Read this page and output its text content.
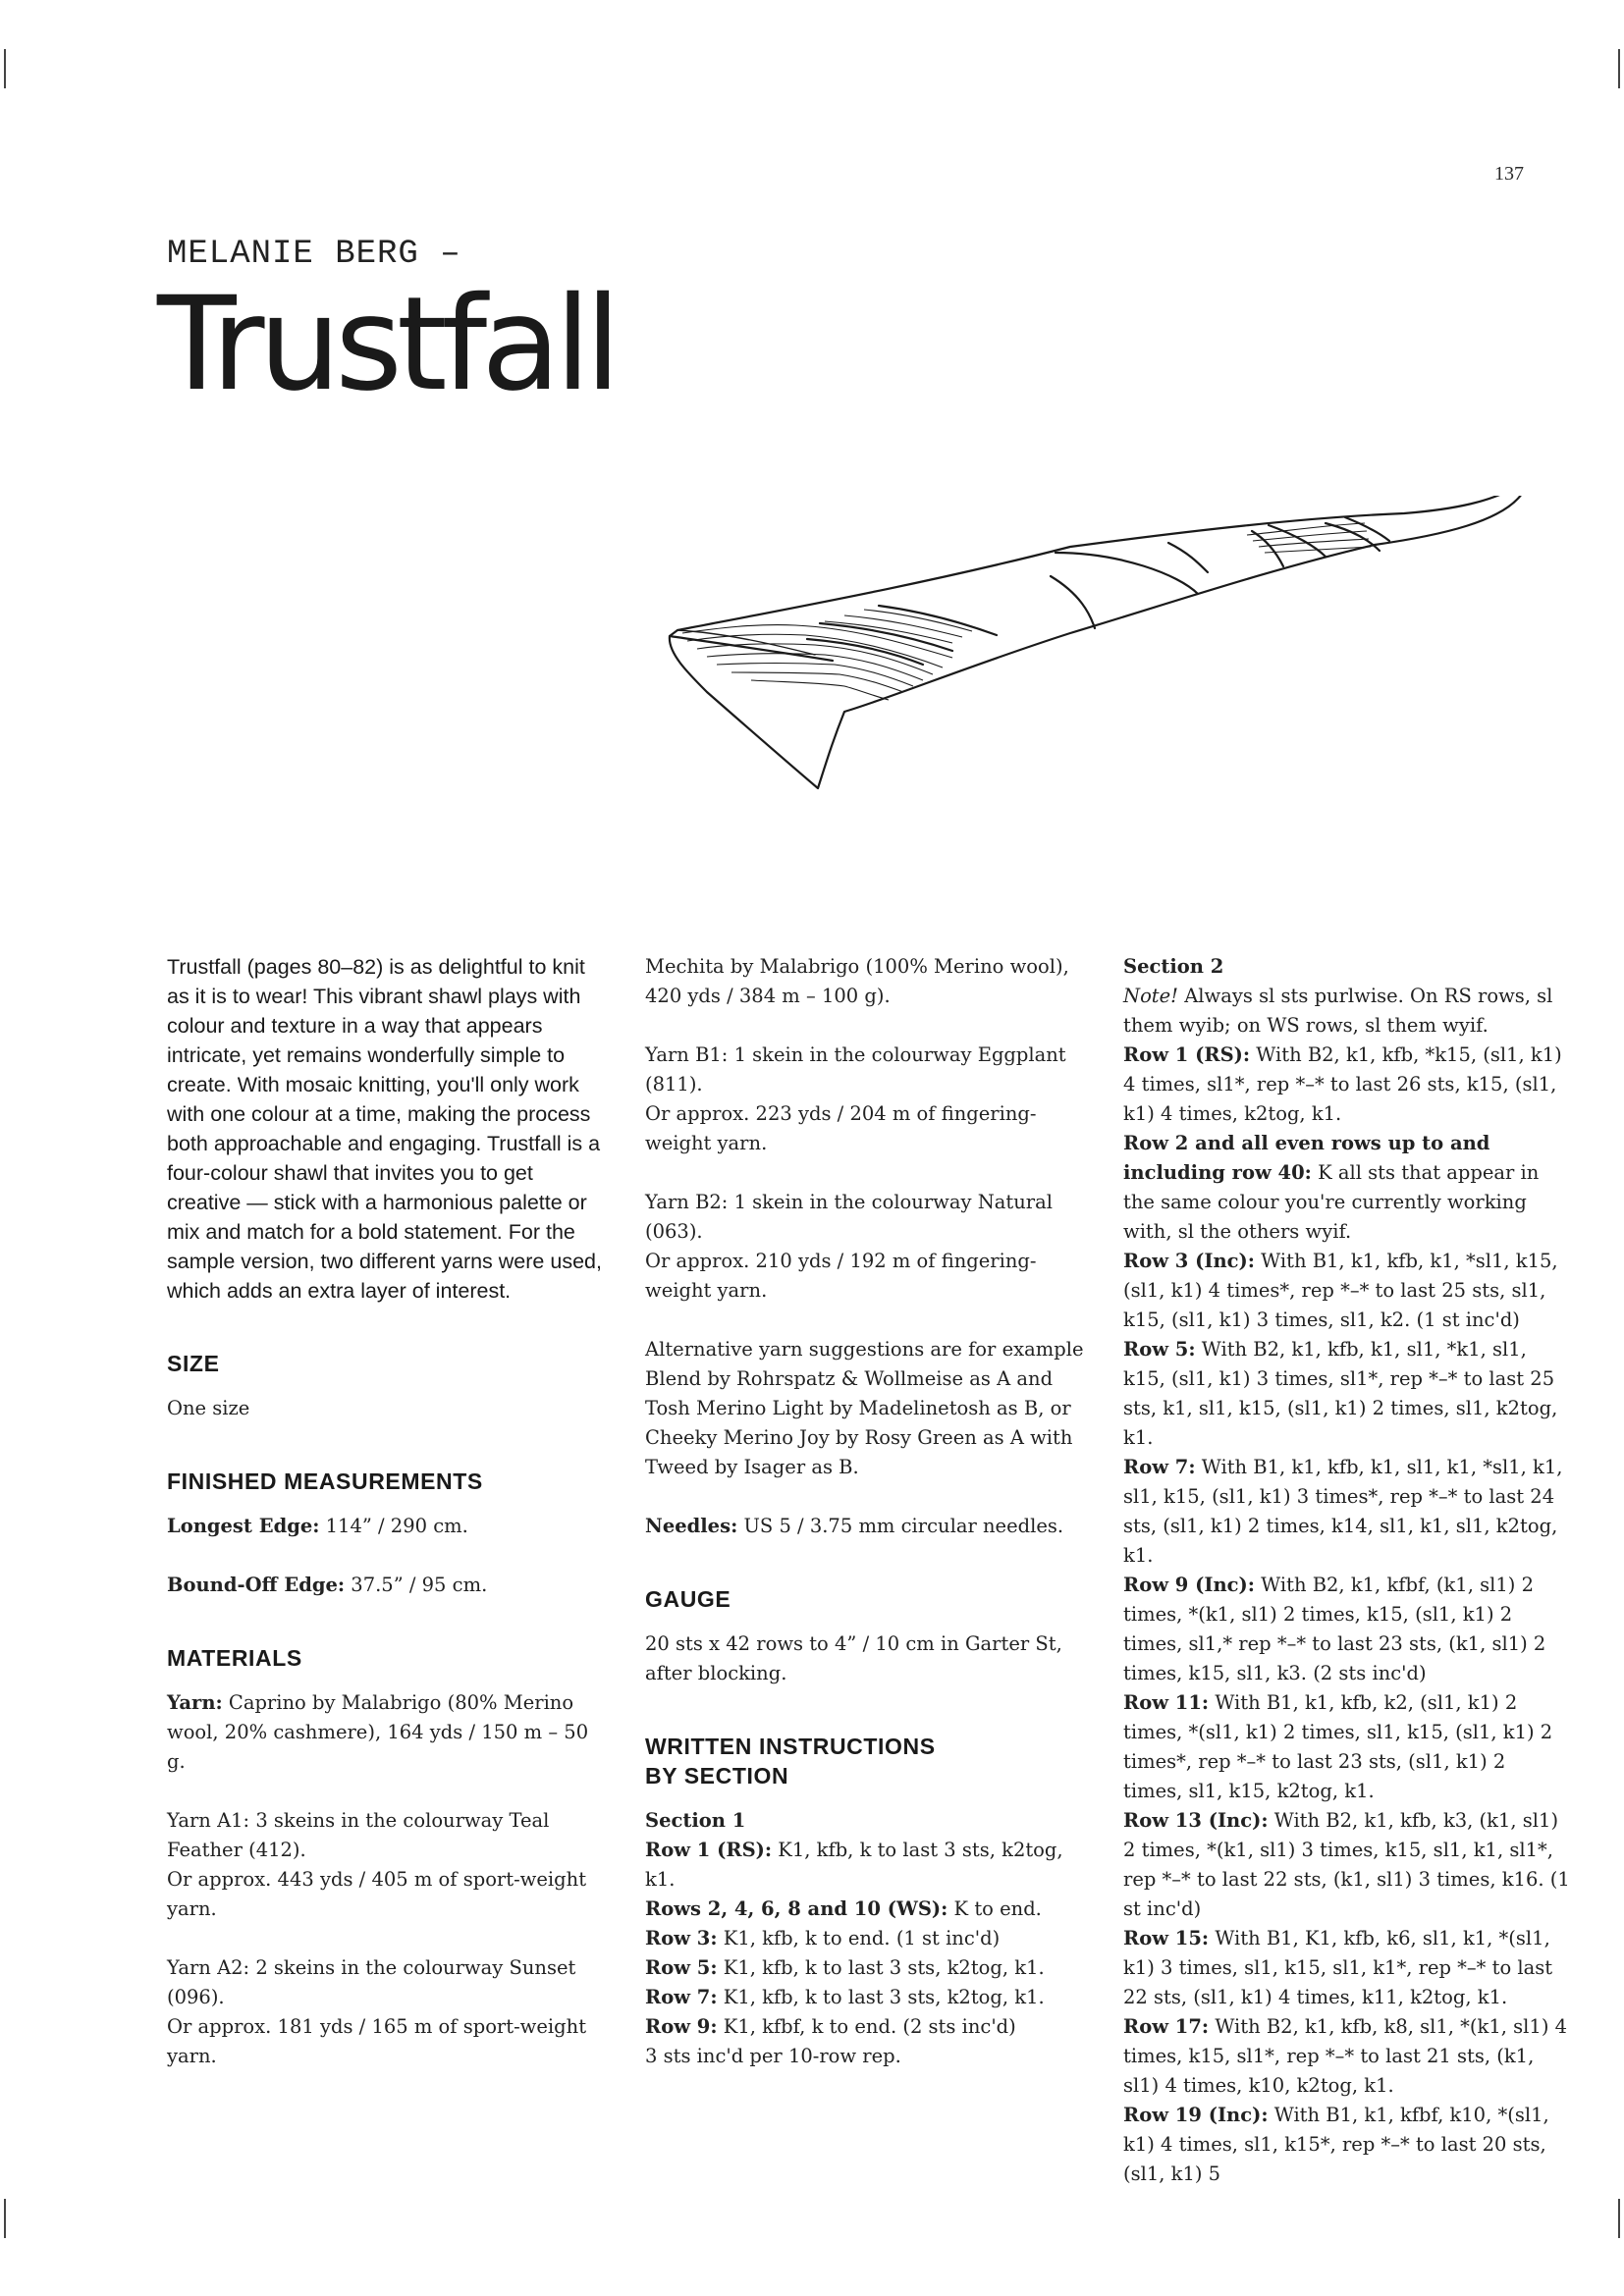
137
MELANIE BERG –
Trustfall

Trustfall (pages 80–82) is as delightful to knit as it is to wear! This vibrant shawl plays with colour and texture in a way that appears intricate, yet remains wonderfully simple to create. With mosaic knitting, you'll only work with one colour at a time, making the process both approachable and engaging. Trustfall is a four-colour shawl that invites you to get creative — stick with a harmonious palette or mix and match for a bold statement. For the sample version, two different yarns were used, which adds an extra layer of interest.

SIZE

One size

FINISHED MEASUREMENTS

Longest Edge: 114” / 290 cm.

Bound-Off Edge: 37.5” / 95 cm.

MATERIALS

Yarn: Caprino by Malabrigo (80% Merino wool, 20% cashmere), 164 yds / 150 m – 50 g.

Yarn A1: 3 skeins in the colourway Teal Feather (412).

Or approx. 443 yds / 405 m of sport-weight yarn.

Yarn A2: 2 skeins in the colourway Sunset (096).

Or approx. 181 yds / 165 m of sport-weight yarn.

Mechita by Malabrigo (100% Merino wool), 420 yds / 384 m – 100 g).

Yarn B1: 1 skein in the colourway Eggplant (811).

Or approx. 223 yds / 204 m of fingering-weight yarn.

Yarn B2: 1 skein in the colourway Natural (063).

Or approx. 210 yds / 192 m of fingering-weight yarn.

Alternative yarn suggestions are for example Blend by Rohrspatz & Wollmeise as A and Tosh Merino Light by Madelinetosh as B, or Cheeky Merino Joy by Rosy Green as A with Tweed by Isager as B.

Needles: US 5 / 3.75 mm circular needles.

GAUGE

20 sts x 42 rows to 4” / 10 cm in Garter St, after blocking.

WRITTEN INSTRUCTIONS
BY SECTION

Section 1

Row 1 (RS): K1, kfb, k to last 3 sts, k2tog, k1.

Rows 2, 4, 6, 8 and 10 (WS): K to end.

Row 3: K1, kfb, k to end. (1 st inc'd)

Row 5: K1, kfb, k to last 3 sts, k2tog, k1.

Row 7: K1, kfb, k to last 3 sts, k2tog, k1.

Row 9: K1, kfbf, k to end. (2 sts inc'd)

3 sts inc'd per 10-row rep.

Section 2

Note! Always sl sts purlwise. On RS rows, sl them wyib; on WS rows, sl them wyif.

Row 1 (RS): With B2, k1, kfb, *k15, (sl1, k1) 4 times, sl1*, rep *–* to last 26 sts, k15, (sl1, k1) 4 times, k2tog, k1.

Row 2 and all even rows up to and including row 40: K all sts that appear in the same colour you're currently working with, sl the others wyif.

Row 3 (Inc): With B1, k1, kfb, k1, *sl1, k15, (sl1, k1) 4 times*, rep *–* to last 25 sts, sl1, k15, (sl1, k1) 3 times, sl1, k2. (1 st inc'd)

Row 5: With B2, k1, kfb, k1, sl1, *k1, sl1, k15, (sl1, k1) 3 times, sl1*, rep *–* to last 25 sts, k1, sl1, k15, (sl1, k1) 2 times, sl1, k2tog, k1.

Row 7: With B1, k1, kfb, k1, sl1, k1, *sl1, k1, sl1, k15, (sl1, k1) 3 times*, rep *–* to last 24 sts, (sl1, k1) 2 times, k14, sl1, k1, sl1, k2tog, k1.

Row 9 (Inc): With B2, k1, kfbf, (k1, sl1) 2 times, *(k1, sl1) 2 times, k15, (sl1, k1) 2 times, sl1,* rep *–* to last 23 sts, (k1, sl1) 2 times, k15, sl1, k3. (2 sts inc'd)

Row 11: With B1, k1, kfb, k2, (sl1, k1) 2 times, *(sl1, k1) 2 times, sl1, k15, (sl1, k1) 2 times*, rep *–* to last 23 sts, (sl1, k1) 2 times, sl1, k15, k2tog, k1.

Row 13 (Inc): With B2, k1, kfb, k3, (k1, sl1) 2 times, *(k1, sl1) 3 times, k15, sl1, k1, sl1*, rep *–* to last 22 sts, (k1, sl1) 3 times, k16. (1 st inc'd)

Row 15: With B1, K1, kfb, k6, sl1, k1, *(sl1, k1) 3 times, sl1, k15, sl1, k1*, rep *–* to last 22 sts, (sl1, k1) 4 times, k11, k2tog, k1.

Row 17: With B2, k1, kfb, k8, sl1, *(k1, sl1) 4 times, k15, sl1*, rep *–* to last 21 sts, (k1, sl1) 4 times, k10, k2tog, k1.

Row 19 (Inc): With B1, k1, kfbf, k10, *(sl1, k1) 4 times, sl1, k15*, rep *–* to last 20 sts, (sl1, k1) 5
